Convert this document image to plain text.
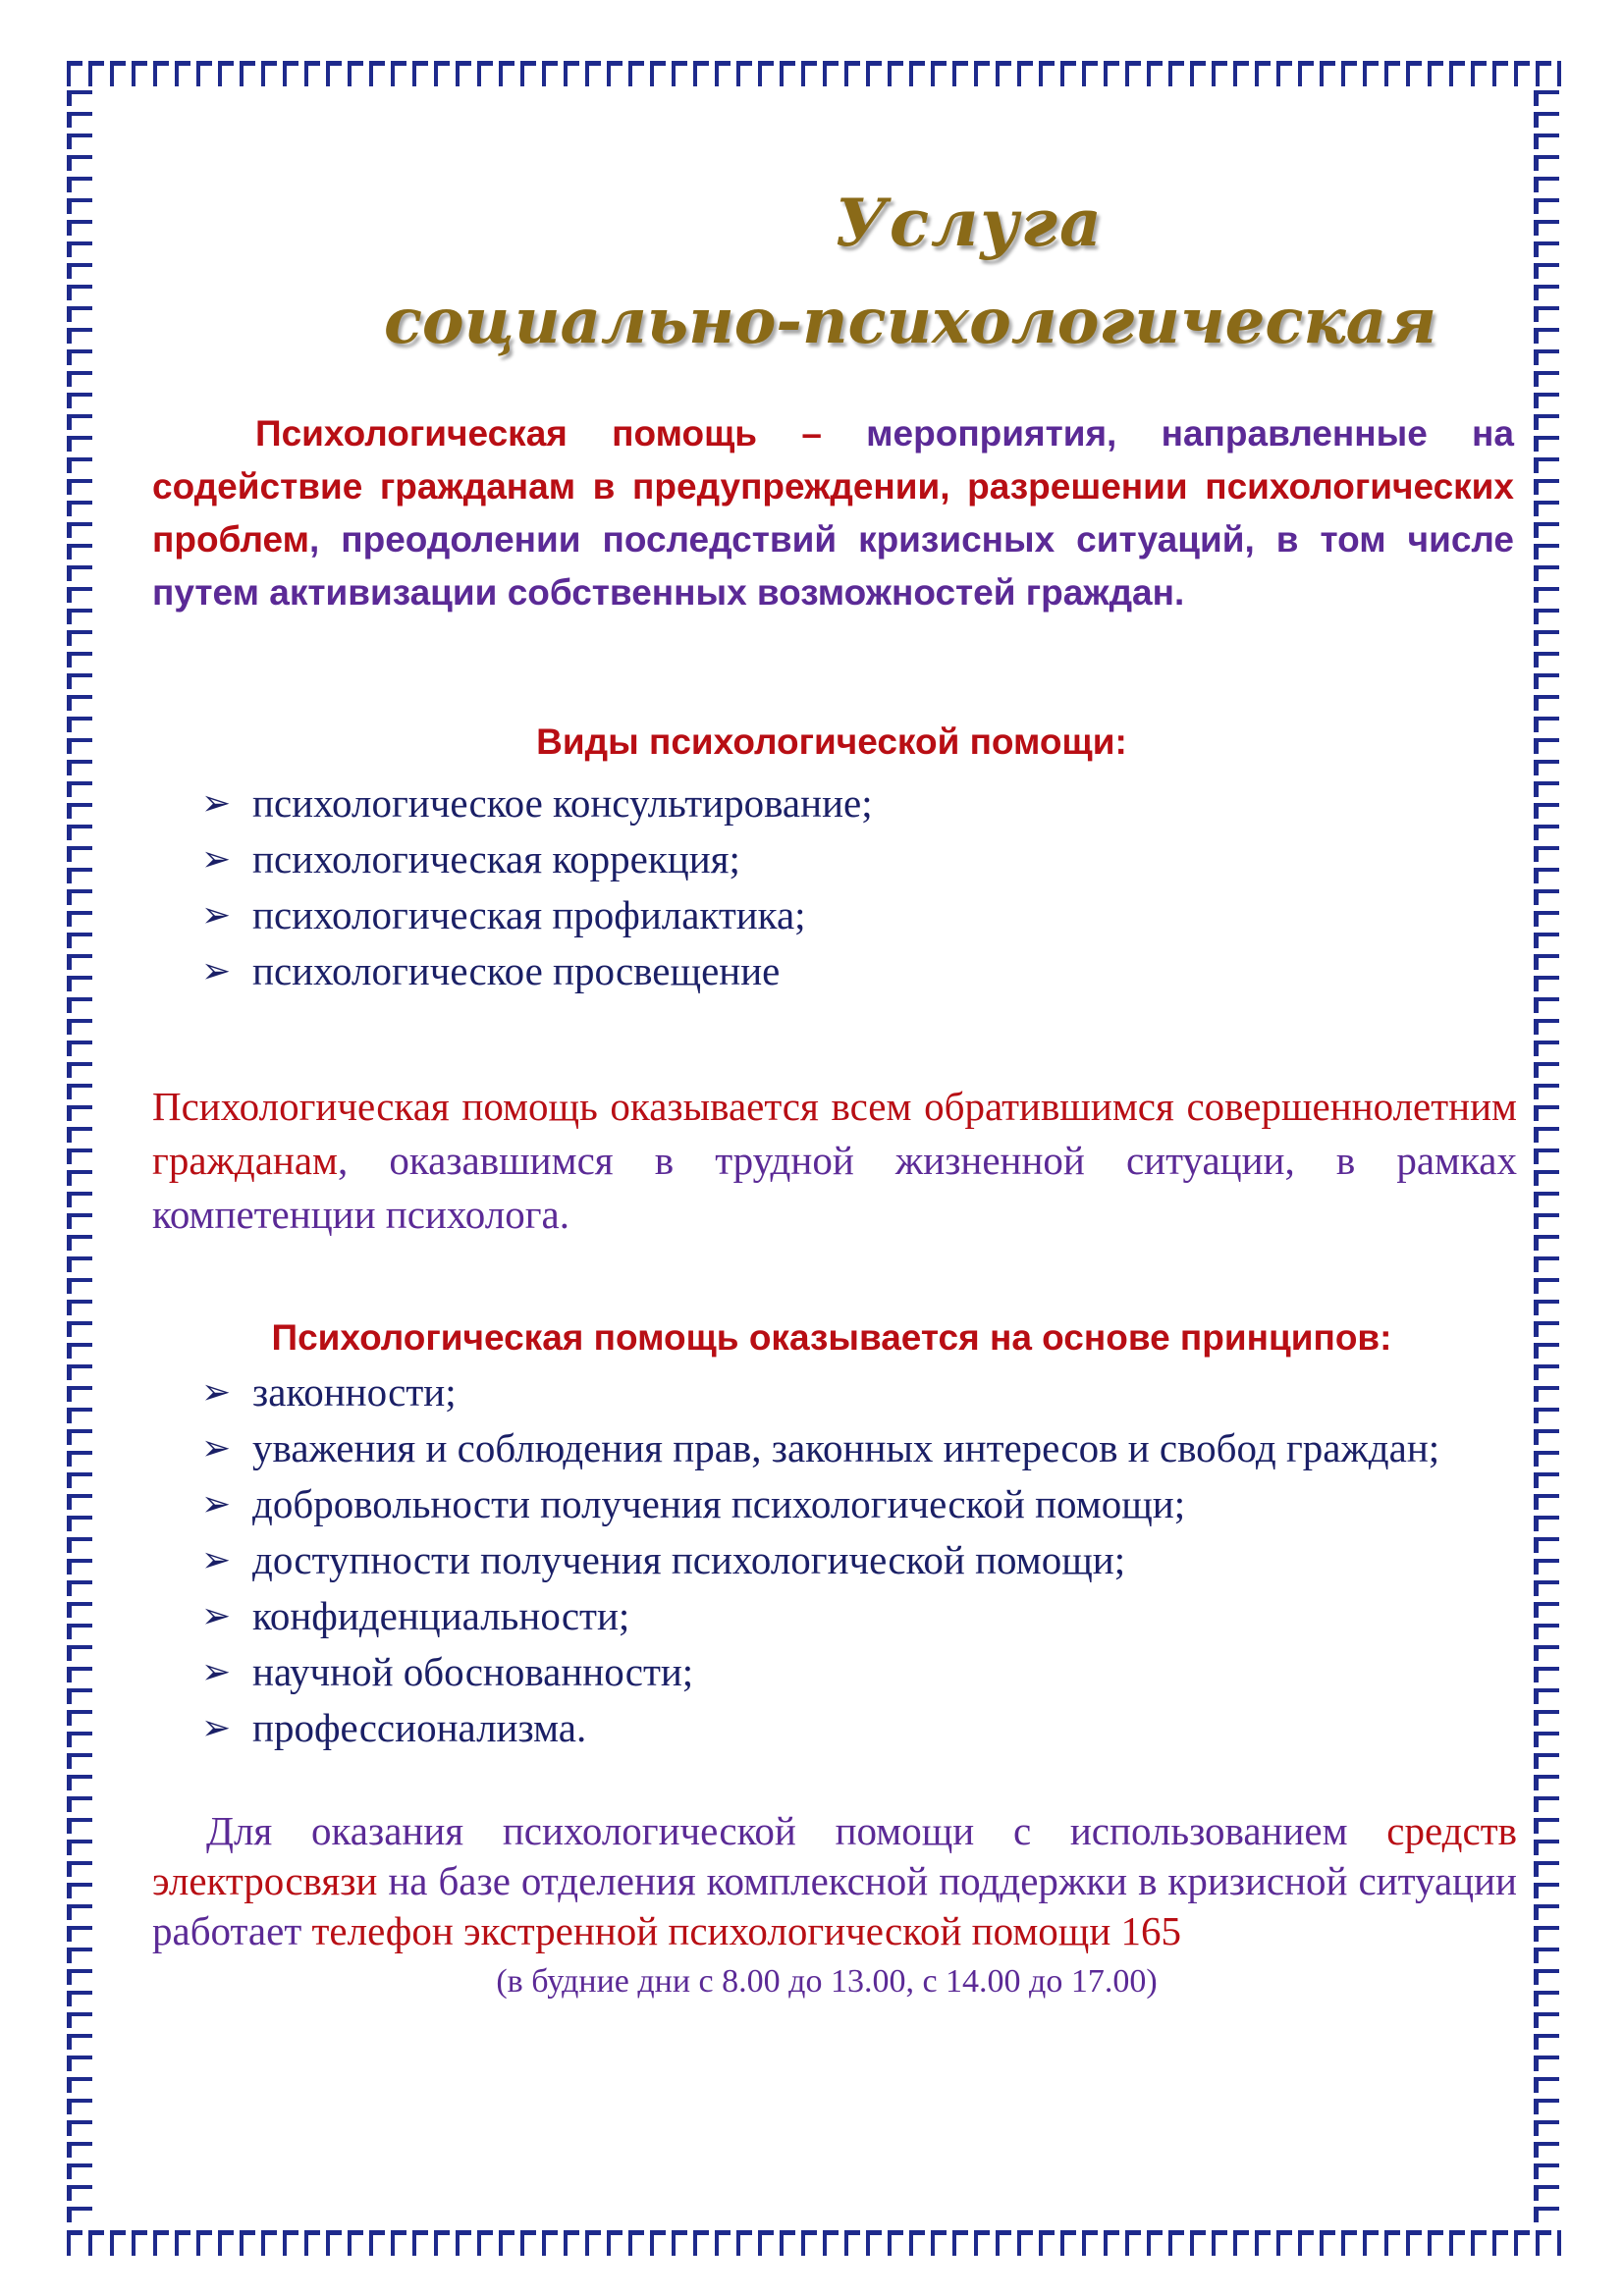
Услуга
социально-психологическая

Психологическая помощь – мероприятия, направленные на содействие гражданам в предупреждении, разрешении психологических проблем, преодолении последствий кризисных ситуаций, в том числе путем активизации собственных возможностей граждан.

Виды психологической помощи:
➢ психологическое консультирование;
➢ психологическая коррекция;
➢ психологическая профилактика;
➢ психологическое просвещение

Психологическая помощь оказывается всем обратившимся совершеннолетним гражданам, оказавшимся в трудной жизненной ситуации, в рамках компетенции психолога.

Психологическая помощь оказывается на основе принципов:
➢ законности;
➢ уважения и соблюдения прав, законных интересов и свобод граждан;
➢ добровольности получения психологической помощи;
➢ доступности получения психологической помощи;
➢ конфиденциальности;
➢ научной обоснованности;
➢ профессионализма.

Для оказания психологической помощи с использованием средств электросвязи на базе отделения комплексной поддержки в кризисной ситуации работает телефон экстренной психологической помощи 165

(в будние дни с 8.00 до 13.00, с 14.00 до 17.00)
